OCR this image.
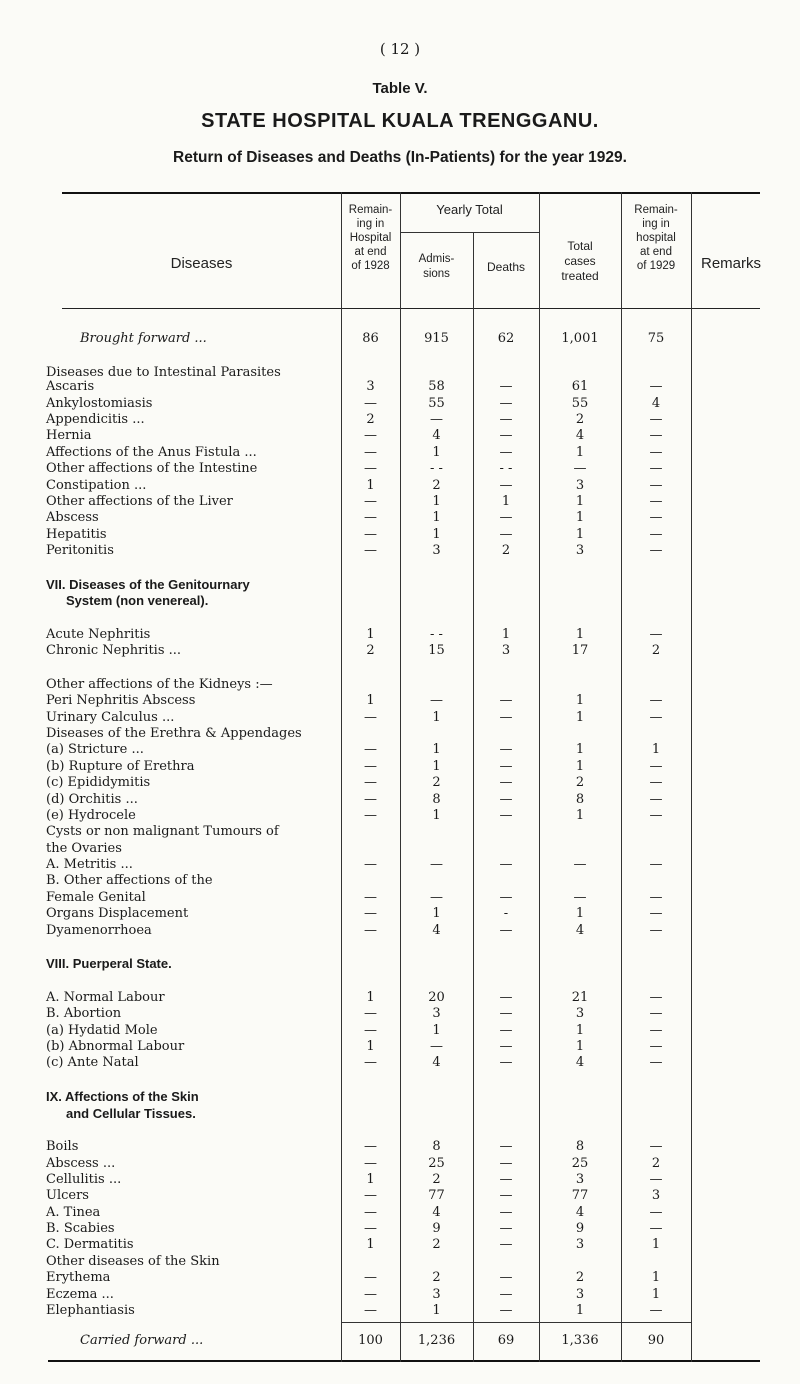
( 12 )
Table V.
STATE HOSPITAL KUALA TRENGGANU.
Return of Diseases and Deaths (In-Patients) for the year 1929.
Diseases
Remain-
ing in
Hospital
at end
of 1928
Yearly Total
Admis-
sions	Deaths
Total
cases
treated
Remain-
ing in
hospital
at end
of 1929	Remarks
Brought forward ...	86	915	62	1,001	75
Diseases due to Intestinal Parasites
Ascaris	3	58	—	61	—
Ankylostomiasis	—	55	—	55	4
Appendicitis ...	2	—	—	2	—
Hernia	—	4	—	4	—
Affections of the Anus Fistula ...	—	1	—	1	—
Other affections of the Intestine	—	- -	- -	—	—
Constipation ...	1	2	—	3	—
Other affections of the Liver	—	1	1	1	—
Abscess	—	1	—	1	—
Hepatitis	—	1	—	1	—
Peritonitis	—	3	2	3	—
VII. Diseases of the Genitournary
System (non venereal).
Acute Nephritis	1	- -	1	1	—
Chronic Nephritis ...	2	15	3	17	2
Other affections of the Kidneys :—
Peri Nephritis Abscess	1	—	—	1	—
Urinary Calculus ...	—	1	—	1	—
Diseases of the Erethra & Appendages
(a) Stricture ...	—	1	—	1	1
(b) Rupture of Erethra	—	1	—	1	—
(c) Epididymitis	—	2	—	2	—
(d) Orchitis ...	—	8	—	8	—
(e) Hydrocele	—	1	—	1	—
Cysts or non malignant Tumours of
the Ovaries
A. Metritis ...	—	—	—	—	—
B. Other affections of the
Female Genital	—	—	—	—	—
Organs Displacement	—	1	-	1	—
Dyamenorrhoea	—	4	—	4	—
VIII. Puerperal State.
A. Normal Labour	1	20	—	21	—
B. Abortion	—	3	—	3	—
(a) Hydatid Mole	—	1	—	1	—
(b) Abnormal Labour	1	—	—	1	—
(c) Ante Natal	—	4	—	4	—
IX. Affections of the Skin
and Cellular Tissues.
Boils	—	8	—	8	—
Abscess ...	—	25	—	25	2
Cellulitis ...	1	2	—	3	—
Ulcers	—	77	—	77	3
A. Tinea	—	4	—	4	—
B. Scabies	—	9	—	9	—
C. Dermatitis	1	2	—	3	1
Other diseases of the Skin
Erythema	—	2	—	2	1
Eczema ...	—	3	—	3	1
Elephantiasis	—	1	—	1	—
Carried forward ...	100	1,236	69	1,336	90
